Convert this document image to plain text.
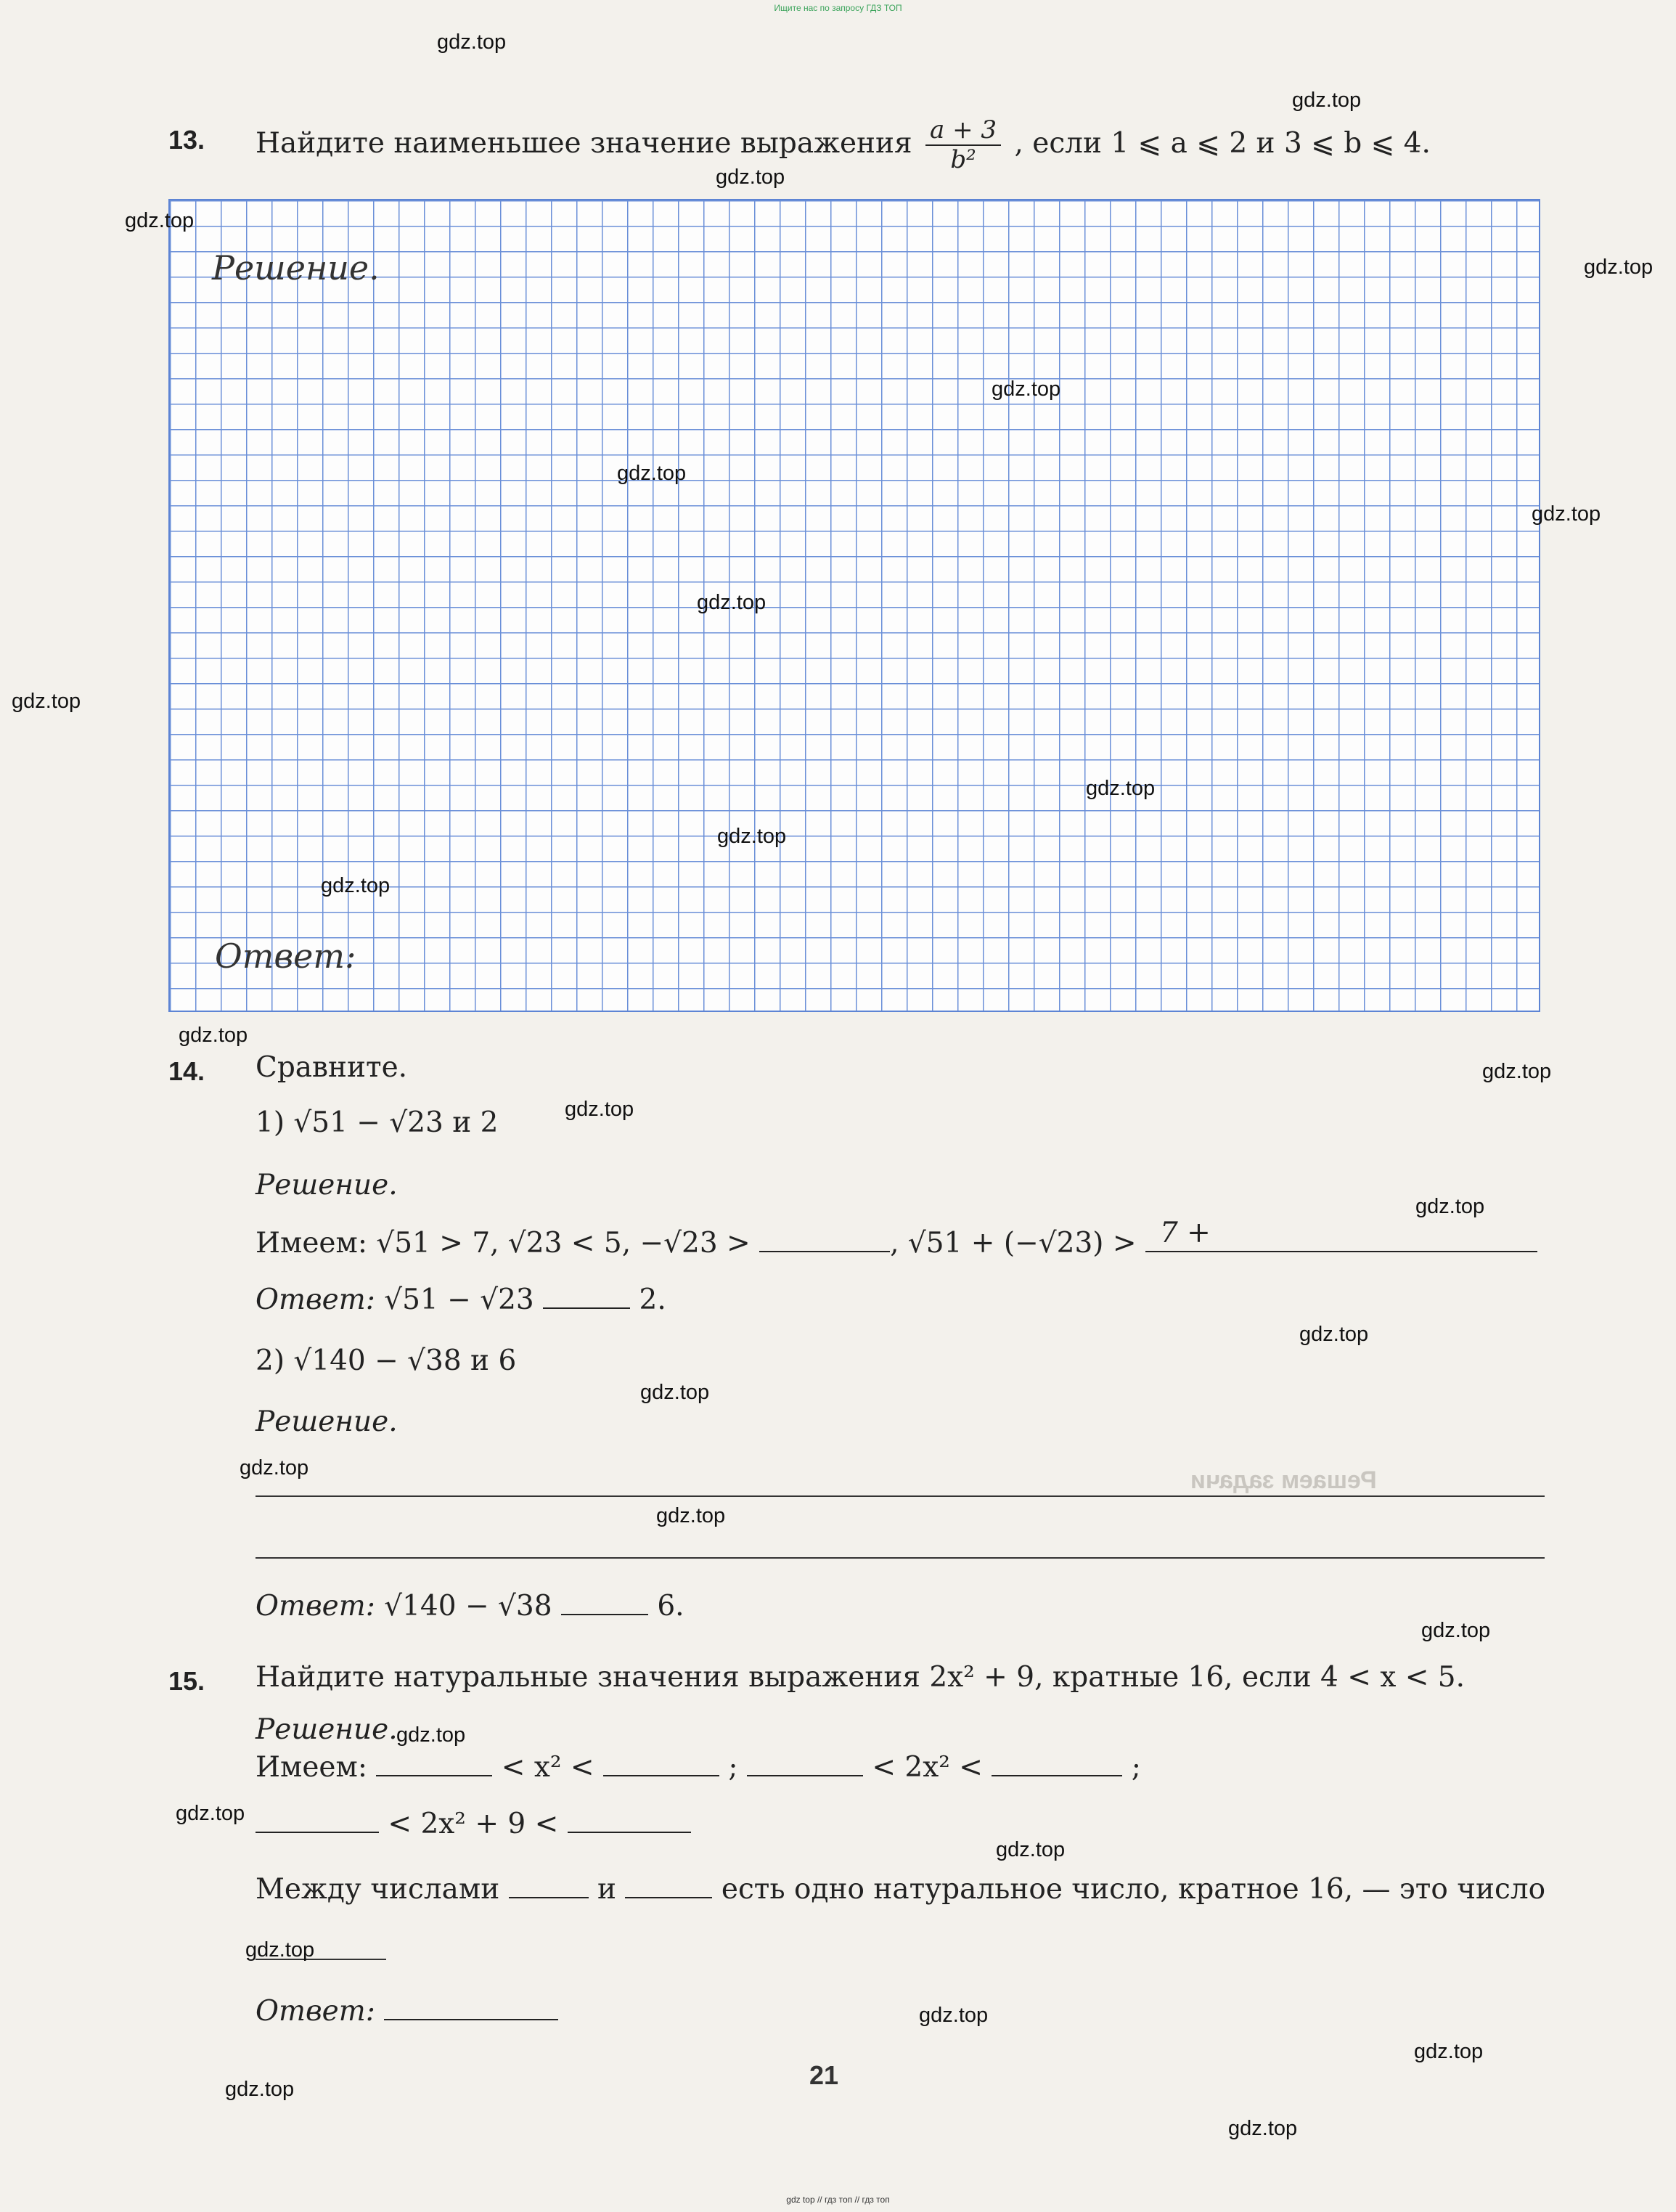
Ищите нас по запросу ГДЗ ТОП
gdz top // гдз топ // гдз топ
Решаем задачи
13. Найдите наименьшее значение выражения $\frac{a + 3}{\text{b²}}$ , если 1 ⩽ a ⩽ 2 и 3 ⩽ b ⩽ 4.
Решение.
Ответ:
14. Сравните.
1) √51 − √23 и 2
Решение.
Имеем: √51 > 7, √23 < 5, −√23 >	, √51 + (−√23) > 7 +
Ответ: √51 − √23	2.
2) √140 − √38 и 6
Решение.
Ответ: √140 − √38	6.
15. Найдите натуральные значения выражения 2x² + 9, кратные 16, если 4 < x < 5.
Решение.
Имеем:	< x² <	;	< 2x² <	;
< 2x² + 9 <
Между числами	и	есть одно натуральное число, кратное 16, — это число
Ответ:
21
gdz.top
gdz.top
gdz.top
gdz.top
gdz.top
gdz.top
gdz.top
gdz.top
gdz.top
gdz.top
gdz.top
gdz.top
gdz.top
gdz.top
gdz.top
gdz.top
gdz.top
gdz.top
gdz.top
gdz.top
gdz.top
gdz.top
gdz.top
gdz.top
gdz.top
gdz.top
gdz.top
gdz.top
gdz.top
gdz.top
